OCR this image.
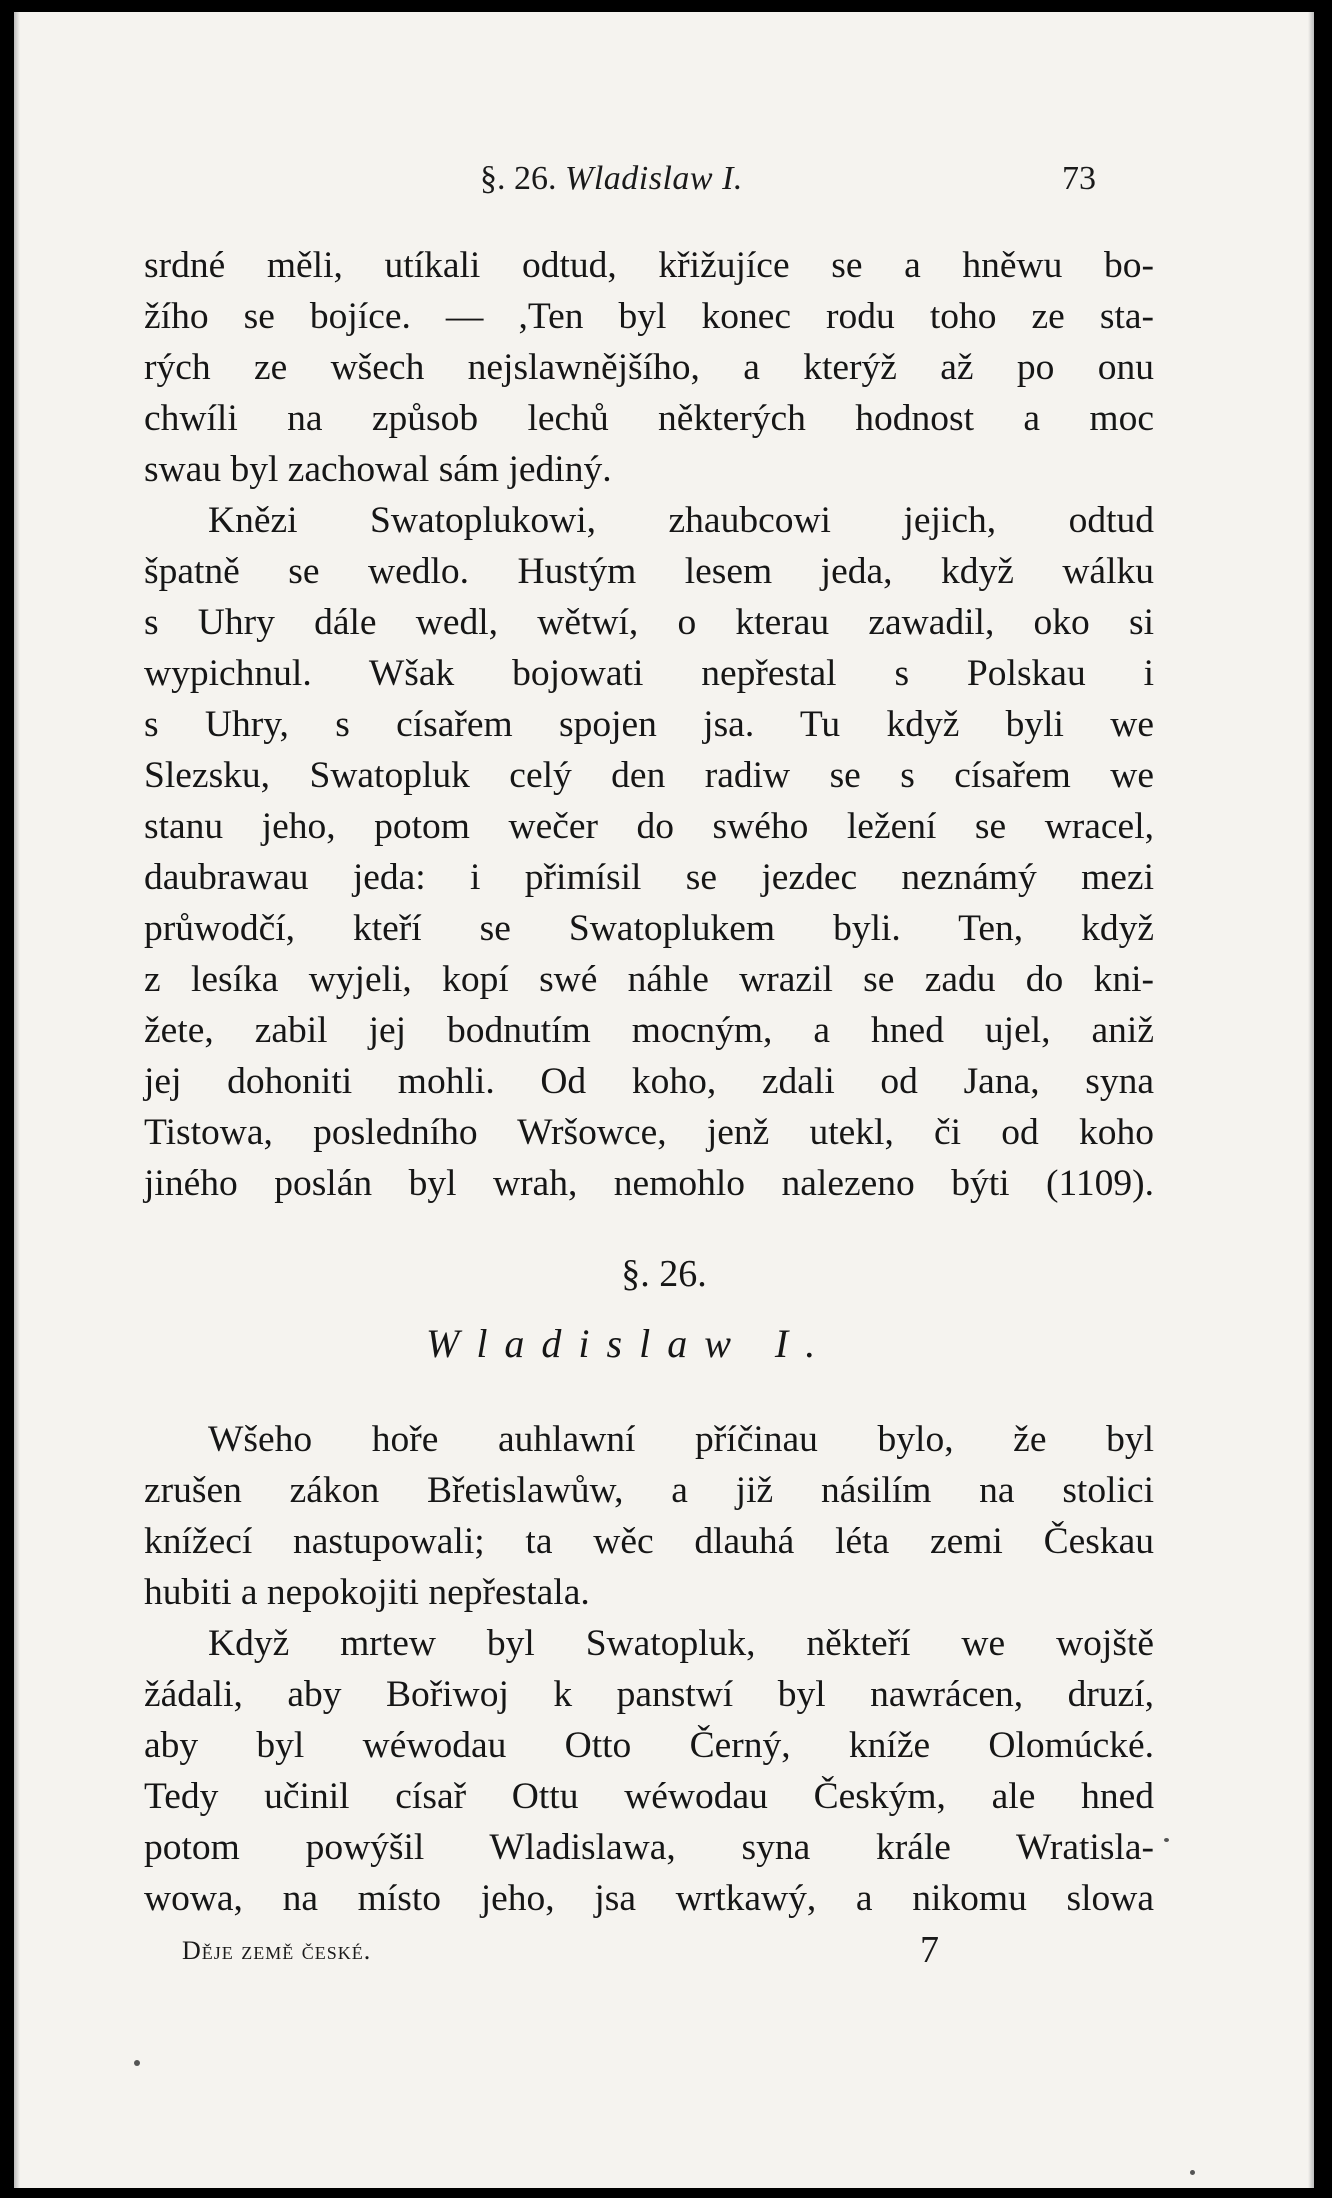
§. 26. Wladislaw I.	73
srdné měli, utíkali odtud, křižujíce se a hněwu bo-
žího se bojíce. — ,Ten byl konec rodu toho ze sta-
rých ze wšech nejslawnějšího, a kterýž až po onu
chwíli na způsob lechů některých hodnost a moc
swau byl zachowal sám jediný.
Knězi Swatoplukowi, zhaubcowi jejich, odtud
špatně se wedlo. Hustým lesem jeda, když wálku
s Uhry dále wedl, wětwí, o kterau zawadil, oko si
wypichnul. Wšak bojowati nepřestal s Polskau i
s Uhry, s císařem spojen jsa. Tu když byli we
Slezsku, Swatopluk celý den radiw se s císařem we
stanu jeho, potom wečer do swého ležení se wracel,
daubrawau jeda: i přimísil se jezdec neznámý mezi
průwodčí, kteří se Swatoplukem byli. Ten, když
z lesíka wyjeli, kopí swé náhle wrazil se zadu do kni-
žete, zabil jej bodnutím mocným, a hned ujel, aniž
jej dohoniti mohli. Od koho, zdali od Jana, syna
Tistowa, posledního Wršowce, jenž utekl, či od koho
jiného poslán byl wrah, nemohlo nalezeno býti (1109).
§. 26.
Wladislaw I.
Wšeho hoře auhlawní příčinau bylo, že byl
zrušen zákon Břetislawůw, a již násilím na stolici
knížecí nastupowali; ta wěc dlauhá léta zemi Českau
hubiti a nepokojiti nepřestala.
Když mrtew byl Swatopluk, někteří we wojště
žádali, aby Bořiwoj k panstwí byl nawrácen, druzí,
aby byl wéwodau Otto Černý, kníže Olomúcké.
Tedy učinil císař Ottu wéwodau Českým, ale hned
potom powýšil Wladislawa, syna krále Wratisla-
wowa, na místo jeho, jsa wrtkawý, a nikomu slowa
Děje země české.	7
